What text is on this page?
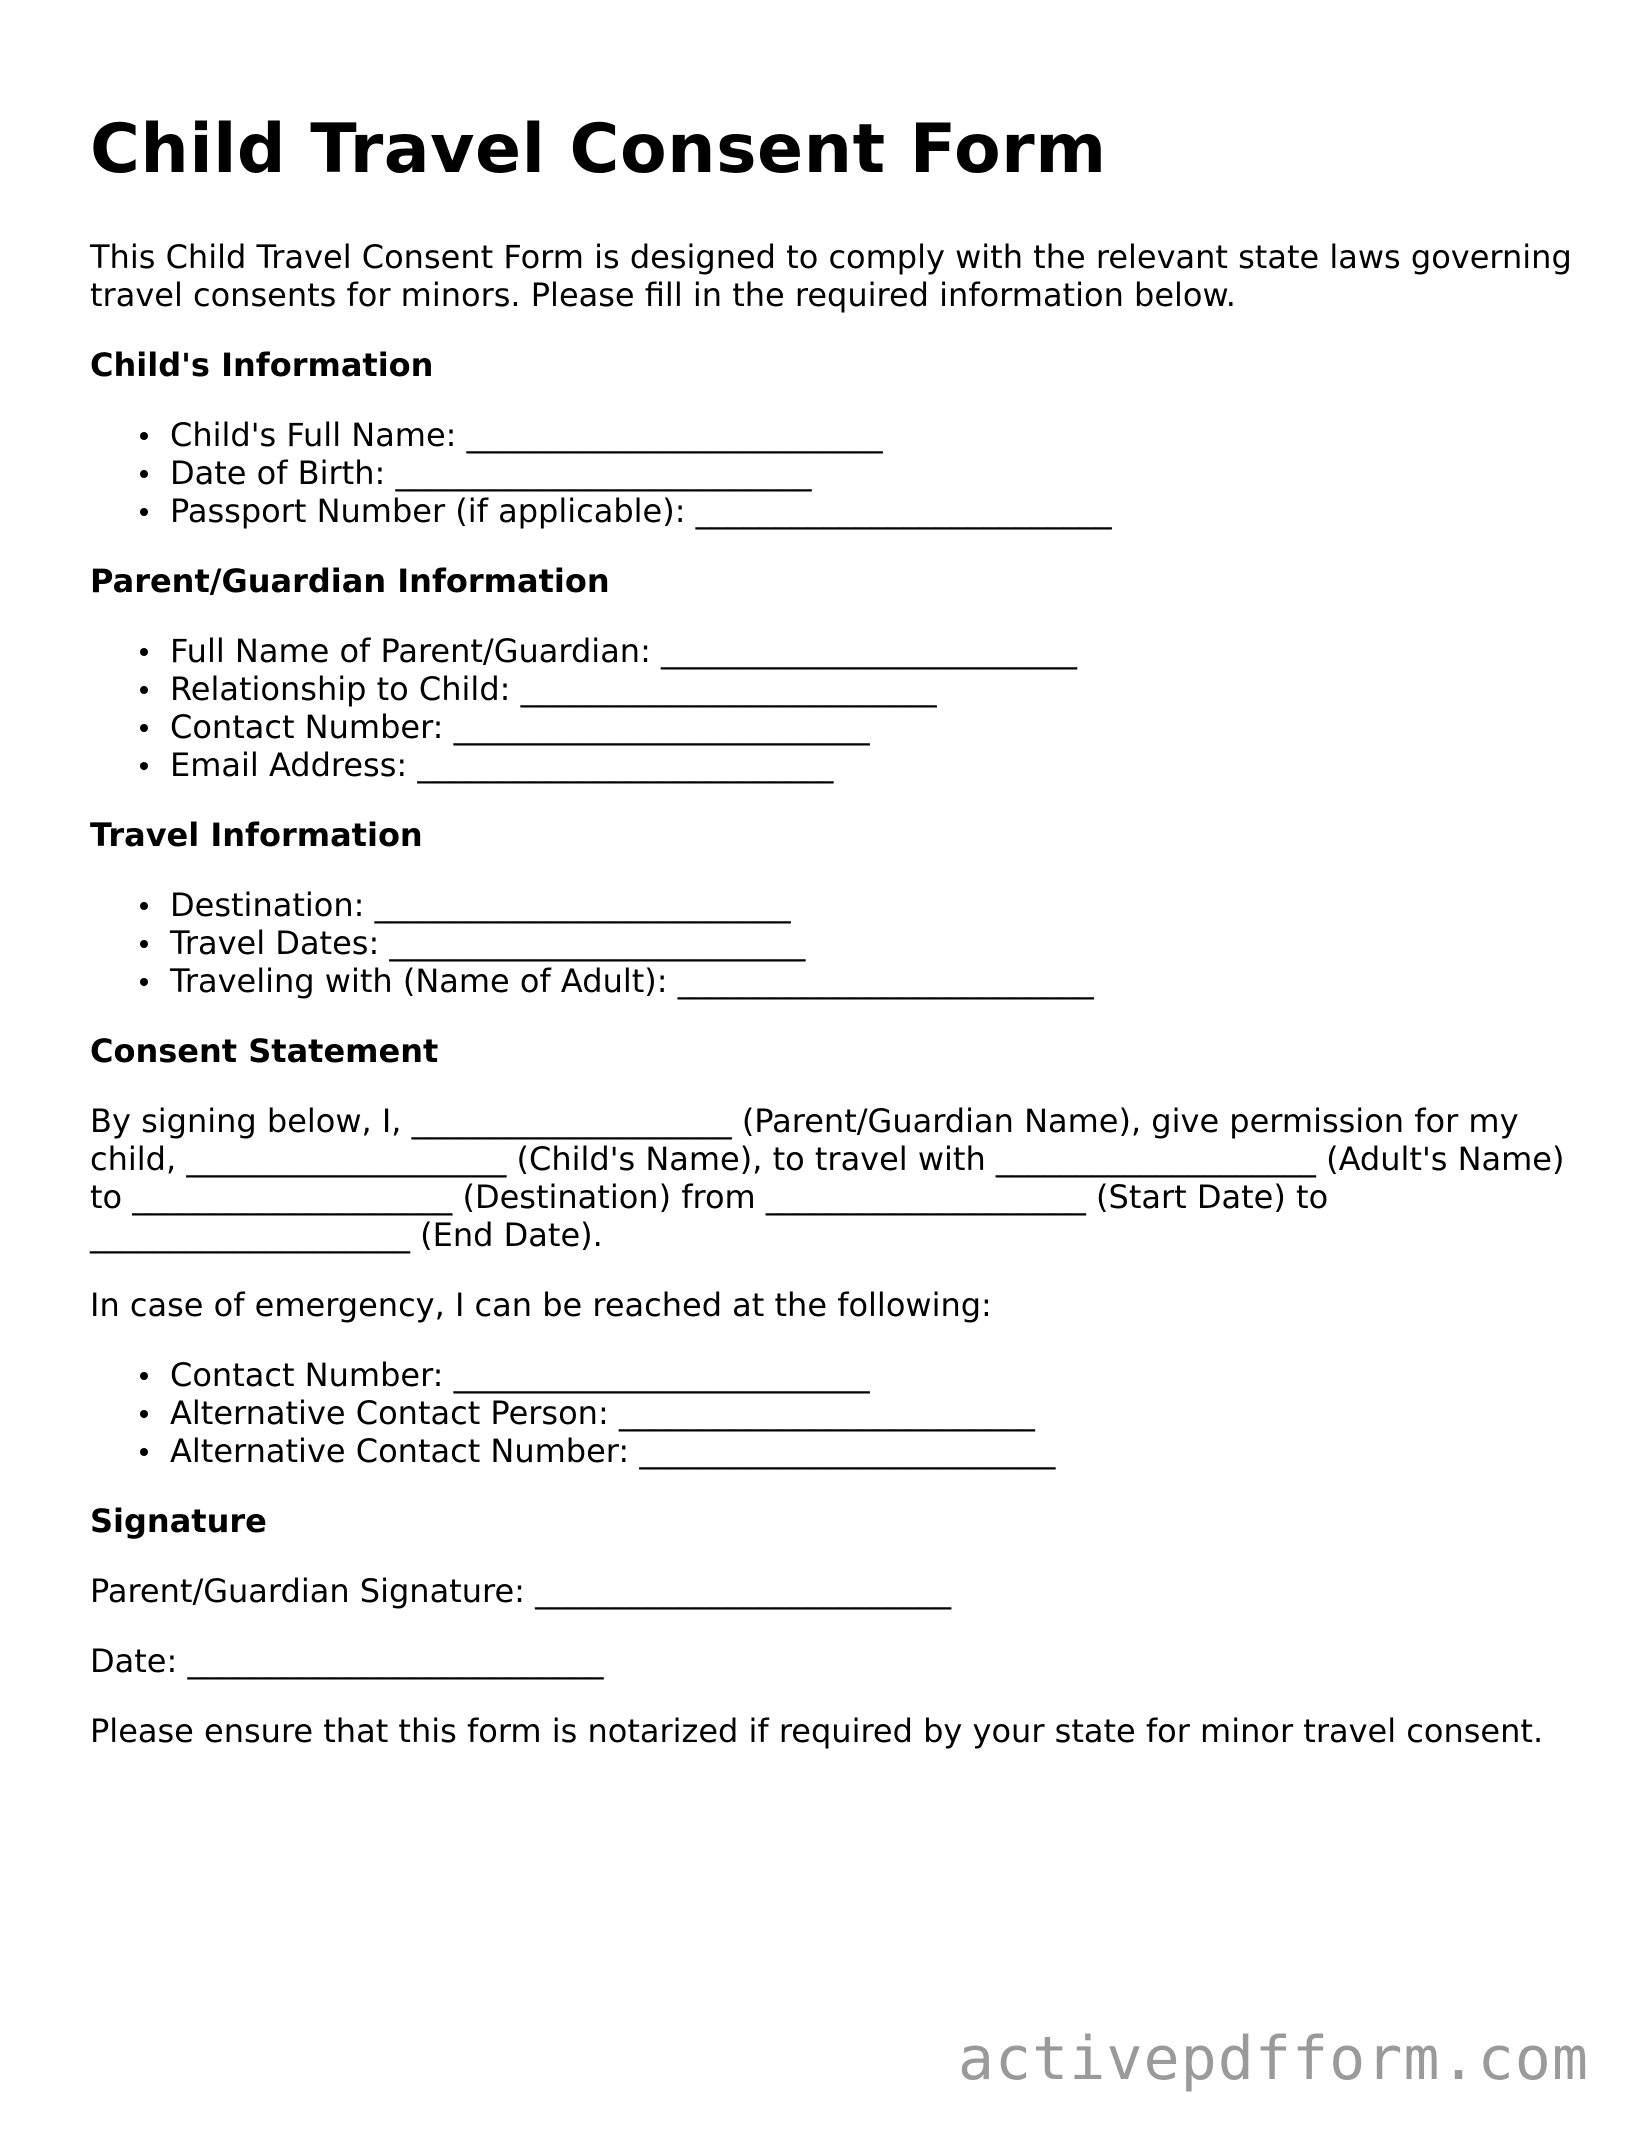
Child Travel Consent Form

This Child Travel Consent Form is designed to comply with the relevant state laws governing travel consents for minors. Please fill in the required information below.

Child's Information
Child's Full Name: __________________________
Date of Birth: __________________________
Passport Number (if applicable): __________________________
Parent/Guardian Information
Full Name of Parent/Guardian: __________________________
Relationship to Child: __________________________
Contact Number: __________________________
Email Address: __________________________
Travel Information
Destination: __________________________
Travel Dates: __________________________
Traveling with (Name of Adult): __________________________
Consent Statement

By signing below, I, ____________________ (Parent/Guardian Name), give permission for my child, ____________________ (Child's Name), to travel with ____________________ (Adult's Name) to ____________________ (Destination) from ____________________ (Start Date) to ____________________ (End Date).

In case of emergency, I can be reached at the following:

Contact Number: __________________________
Alternative Contact Person: __________________________
Alternative Contact Number: __________________________
Signature

Parent/Guardian Signature: __________________________

Date: __________________________

Please ensure that this form is notarized if required by your state for minor travel consent.

activepdfform.com
